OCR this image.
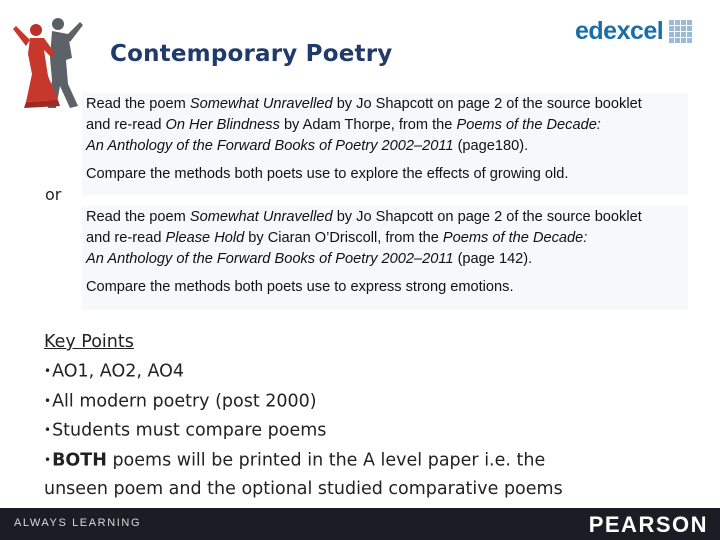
Contemporary Poetry
edexcel
Read the poem Somewhat Unravelled by Jo Shapcott on page 2 of the source booklet
and re-read On Her Blindness by Adam Thorpe, from the Poems of the Decade:
An Anthology of the Forward Books of Poetry 2002–2011 (page180).
Compare the methods both poets use to explore the effects of growing old.
or
Read the poem Somewhat Unravelled by Jo Shapcott on page 2 of the source booklet
and re-read Please Hold by Ciaran O’Driscoll, from the Poems of the Decade:
An Anthology of the Forward Books of Poetry 2002–2011 (page 142).
Compare the methods both poets use to express strong emotions.
Key Points
•AO1, AO2, AO4
•All modern poetry (post 2000)
•Students must compare poems
•BOTH poems will be printed in the A level paper i.e. the
unseen poem and the optional studied comparative poems
ALWAYS LEARNING	PEARSON
